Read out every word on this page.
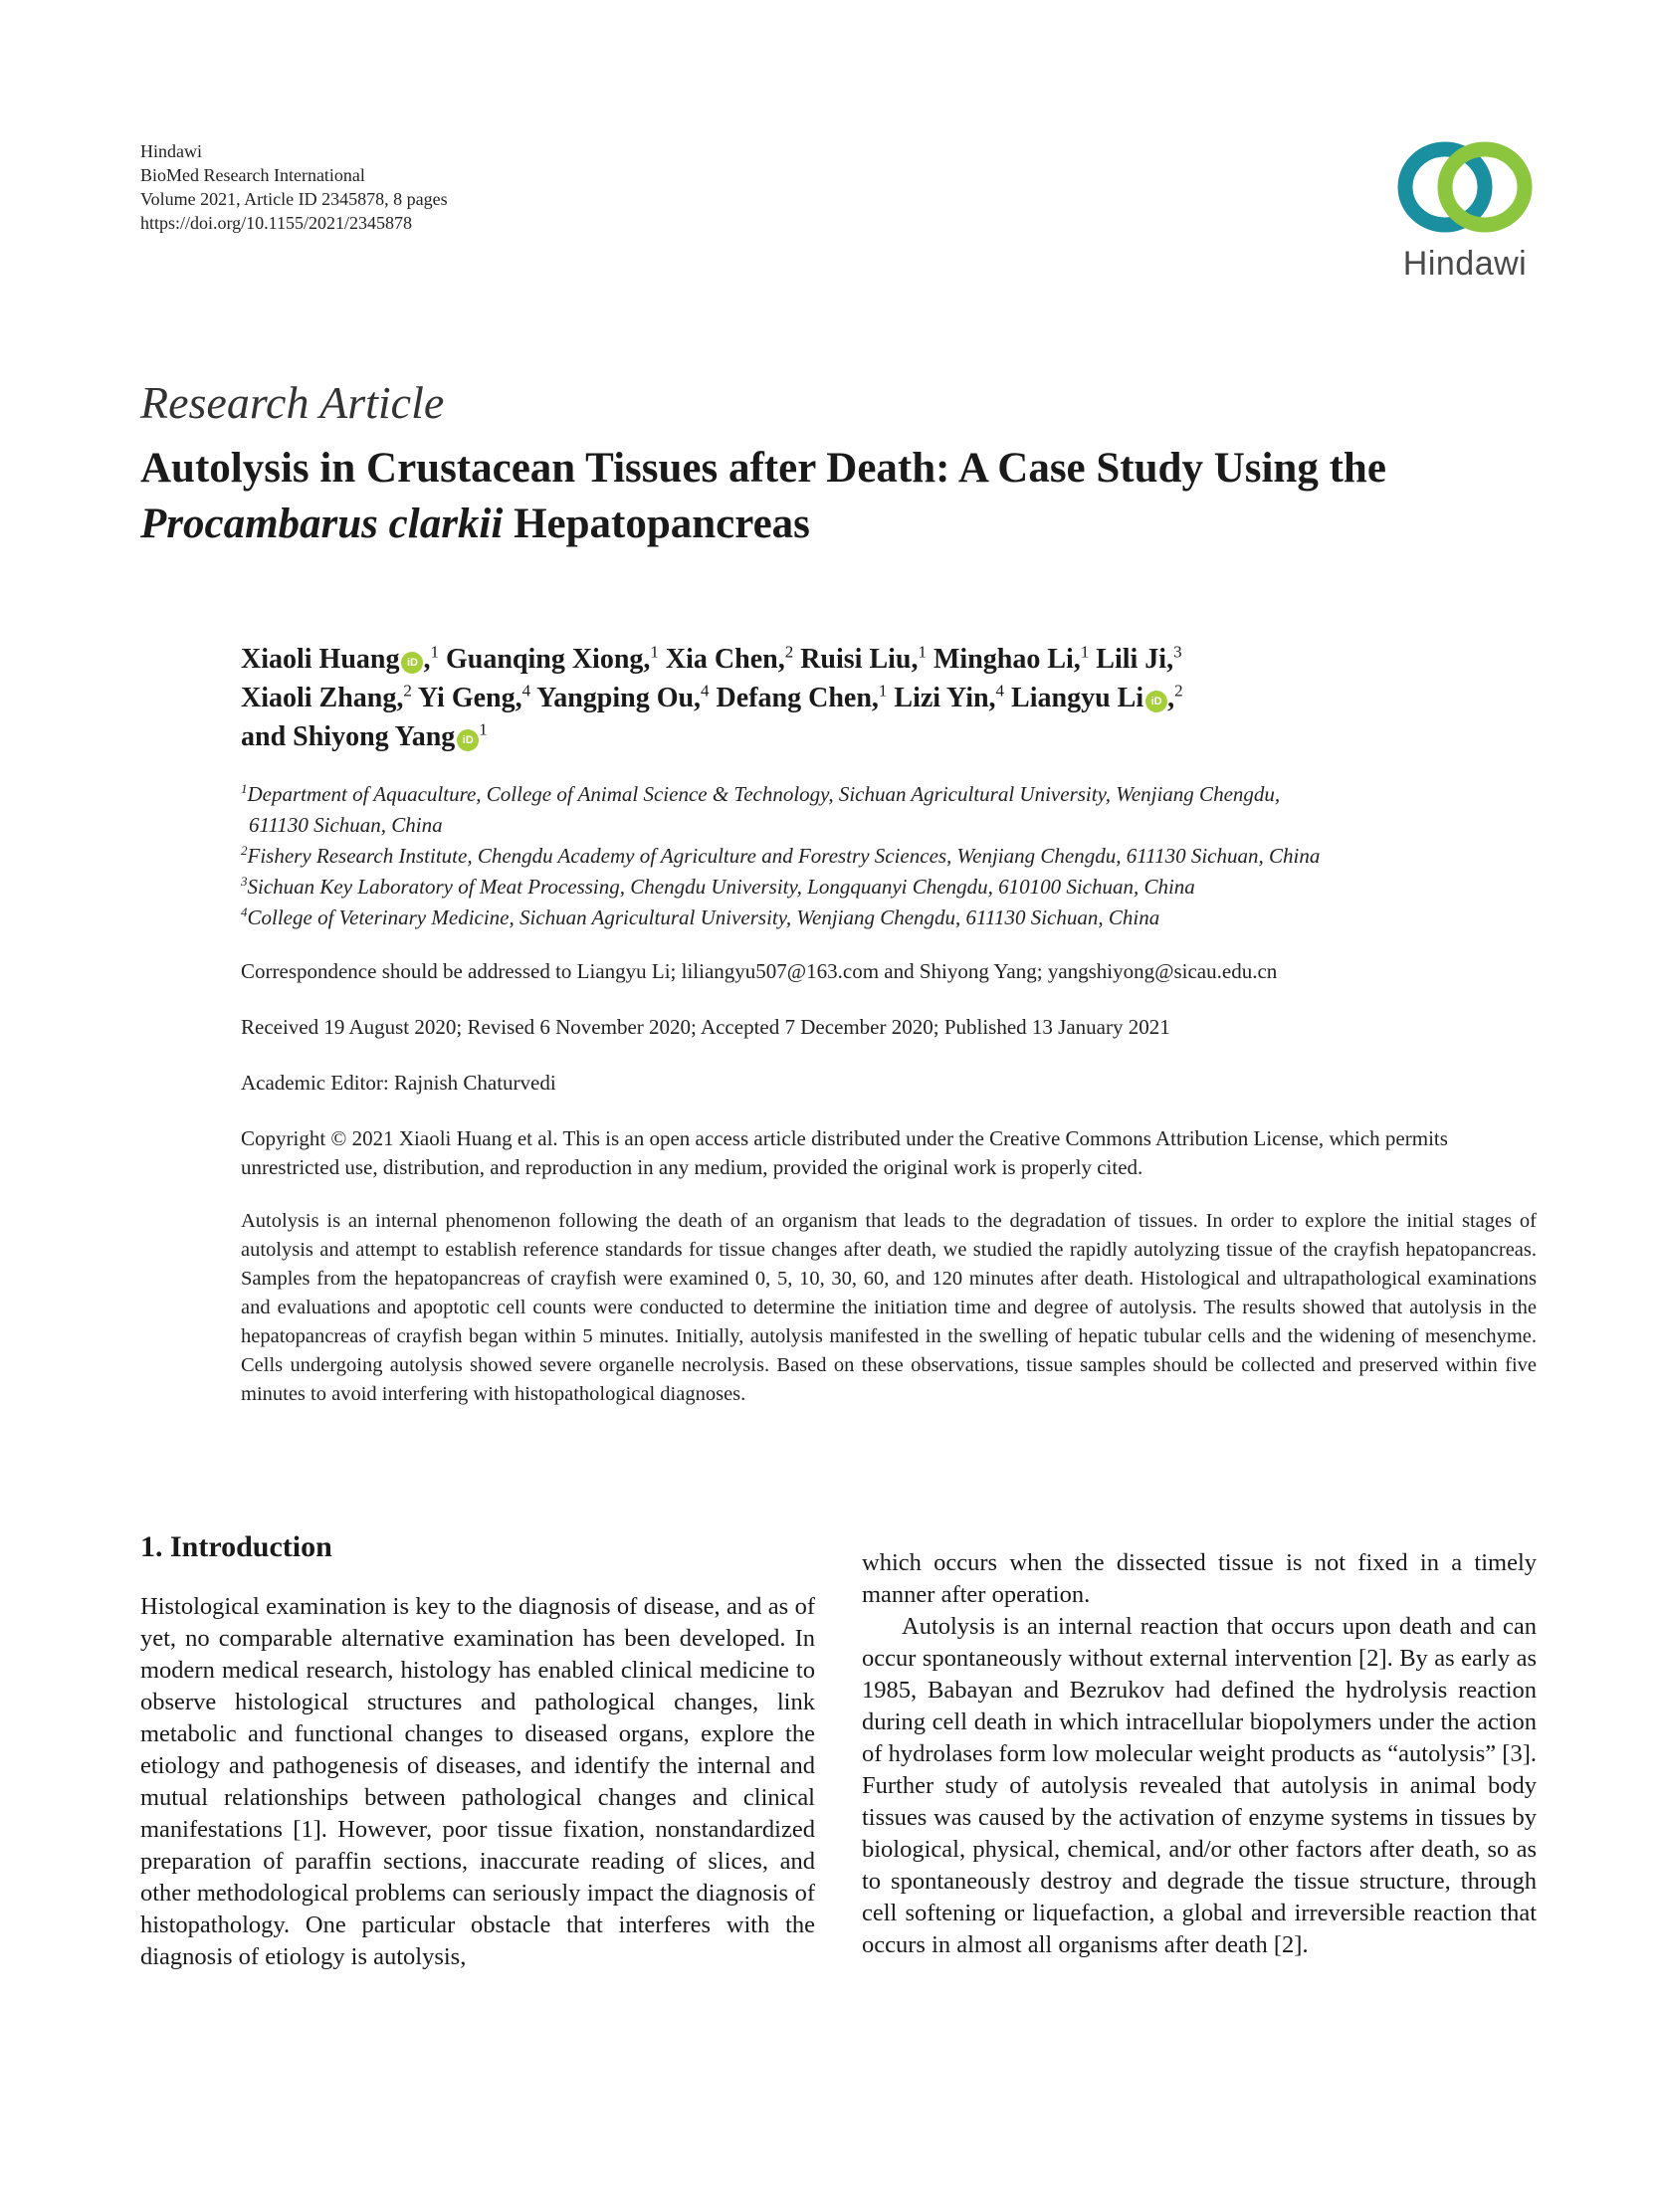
Hindawi
BioMed Research International
Volume 2021, Article ID 2345878, 8 pages
https://doi.org/10.1155/2021/2345878
Hindawi
Research Article
Autolysis in Crustacean Tissues after Death: A Case Study Using the Procambarus clarkii Hepatopancreas
Xiaoli Huang iD ,$^1$ Guanqing Xiong,$^1$ Xia Chen,$^2$ Ruisi Liu,$^1$ Minghao Li,$^1$ Lili Ji,$^3$
Xiaoli Zhang,$^2$ Yi Geng,$^4$ Yangping Ou,$^4$ Defang Chen,$^1$ Lizi Yin,$^4$ Liangyu Li iD ,$^2$
and Shiyong Yang $iD^1$
$^1$Department of Aquaculture, College of Animal Science & Technology, Sichuan Agricultural University, Wenjiang Chengdu,
611130 Sichuan, China
$^2$Fishery Research Institute, Chengdu Academy of Agriculture and Forestry Sciences, Wenjiang Chengdu, 611130 Sichuan, China
$^3$Sichuan Key Laboratory of Meat Processing, Chengdu University, Longquanyi Chengdu, 610100 Sichuan, China
$^4$College of Veterinary Medicine, Sichuan Agricultural University, Wenjiang Chengdu, 611130 Sichuan, China
Correspondence should be addressed to Liangyu Li; liliangyu507@163.com and Shiyong Yang; yangshiyong@sicau.edu.cn
Received 19 August 2020; Revised 6 November 2020; Accepted 7 December 2020; Published 13 January 2021
Academic Editor: Rajnish Chaturvedi
Copyright © 2021 Xiaoli Huang et al. This is an open access article distributed under the Creative Commons Attribution License, which permits unrestricted use, distribution, and reproduction in any medium, provided the original work is properly cited.
Autolysis is an internal phenomenon following the death of an organism that leads to the degradation of tissues. In order to explore the initial stages of autolysis and attempt to establish reference standards for tissue changes after death, we studied the rapidly autolyzing tissue of the crayfish hepatopancreas. Samples from the hepatopancreas of crayfish were examined 0, 5, 10, 30, 60, and 120 minutes after death. Histological and ultrapathological examinations and evaluations and apoptotic cell counts were conducted to determine the initiation time and degree of autolysis. The results showed that autolysis in the hepatopancreas of crayfish began within 5 minutes. Initially, autolysis manifested in the swelling of hepatic tubular cells and the widening of mesenchyme. Cells undergoing autolysis showed severe organelle necrolysis. Based on these observations, tissue samples should be collected and preserved within five minutes to avoid interfering with histopathological diagnoses.
1. Introduction

Histological examination is key to the diagnosis of disease, and as of yet, no comparable alternative examination has been developed. In modern medical research, histology has enabled clinical medicine to observe histological structures and pathological changes, link metabolic and functional changes to diseased organs, explore the etiology and pathogenesis of diseases, and identify the internal and mutual relationships between pathological changes and clinical manifestations [1]. However, poor tissue fixation, nonstandardized preparation of paraffin sections, inaccurate reading of slices, and other methodological problems can seriously impact the diagnosis of histopathology. One particular obstacle that interferes with the diagnosis of etiology is autolysis,

which occurs when the dissected tissue is not fixed in a timely manner after operation.

Autolysis is an internal reaction that occurs upon death and can occur spontaneously without external intervention [2]. By as early as 1985, Babayan and Bezrukov had defined the hydrolysis reaction during cell death in which intracellular biopolymers under the action of hydrolases form low molecular weight products as “autolysis” [3]. Further study of autolysis revealed that autolysis in animal body tissues was caused by the activation of enzyme systems in tissues by biological, physical, chemical, and/or other factors after death, so as to spontaneously destroy and degrade the tissue structure, through cell softening or liquefaction, a global and irreversible reaction that occurs in almost all organisms after death [2].
